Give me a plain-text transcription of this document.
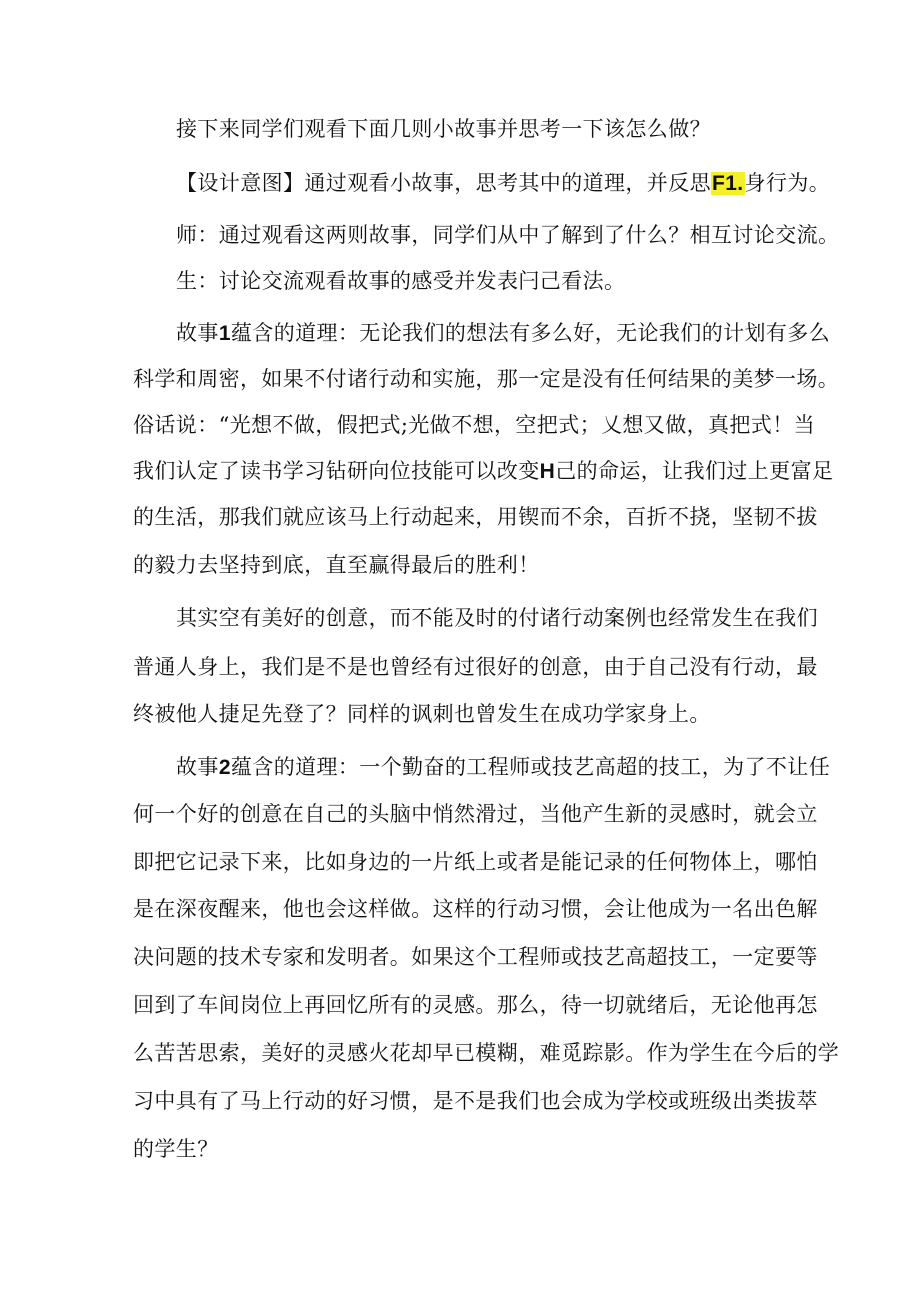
接下来同学们观看下面几则小故事并思考一下该怎么做？
【设计意图】通过观看小故事，思考其中的道理，并反思F1.身行为。
师：通过观看这两则故事，同学们从中了解到了什么？相互讨论交流。
生：讨论交流观看故事的感受并发表闩己看法。
故事1蕴含的道理：无论我们的想法有多么好，无论我们的计划有多么
科学和周密，如果不付诸行动和实施，那一定是没有任何结果的美梦一场。
俗话说：“光想不做，假把式;光做不想，空把式；乂想又做，真把式！当
我们认定了读书学习钻研向位技能可以改变H己的命运，让我们过上更富足
的生活，那我们就应该马上行动起来，用锲而不余，百折不挠，坚韧不拔
的毅力去坚持到底，直至赢得最后的胜利！
其实空有美好的创意，而不能及时的付诸行动案例也经常发生在我们
普通人身上，我们是不是也曾经有过很好的创意，由于自己没有行动，最
终被他人捷足先登了？同样的讽刺也曾发生在成功学家身上。
故事2蕴含的道理：一个勤奋的工程师或技艺高超的技工，为了不让任
何一个好的创意在自己的头脑中悄然滑过，当他产生新的灵感时，就会立
即把它记录下来，比如身边的一片纸上或者是能记录的任何物体上，哪怕
是在深夜醒来，他也会这样做。这样的行动习惯，会让他成为一名出色解
决问题的技术专家和发明者。如果这个工程师或技艺高超技工，一定要等
回到了车间岗位上再回忆所有的灵感。那么，待一切就绪后，无论他再怎
么苦苦思索，美好的灵感火花却早已模糊，难觅踪影。作为学生在今后的学
习中具有了马上行动的好习惯，是不是我们也会成为学校或班级出类拔萃
的学生？
